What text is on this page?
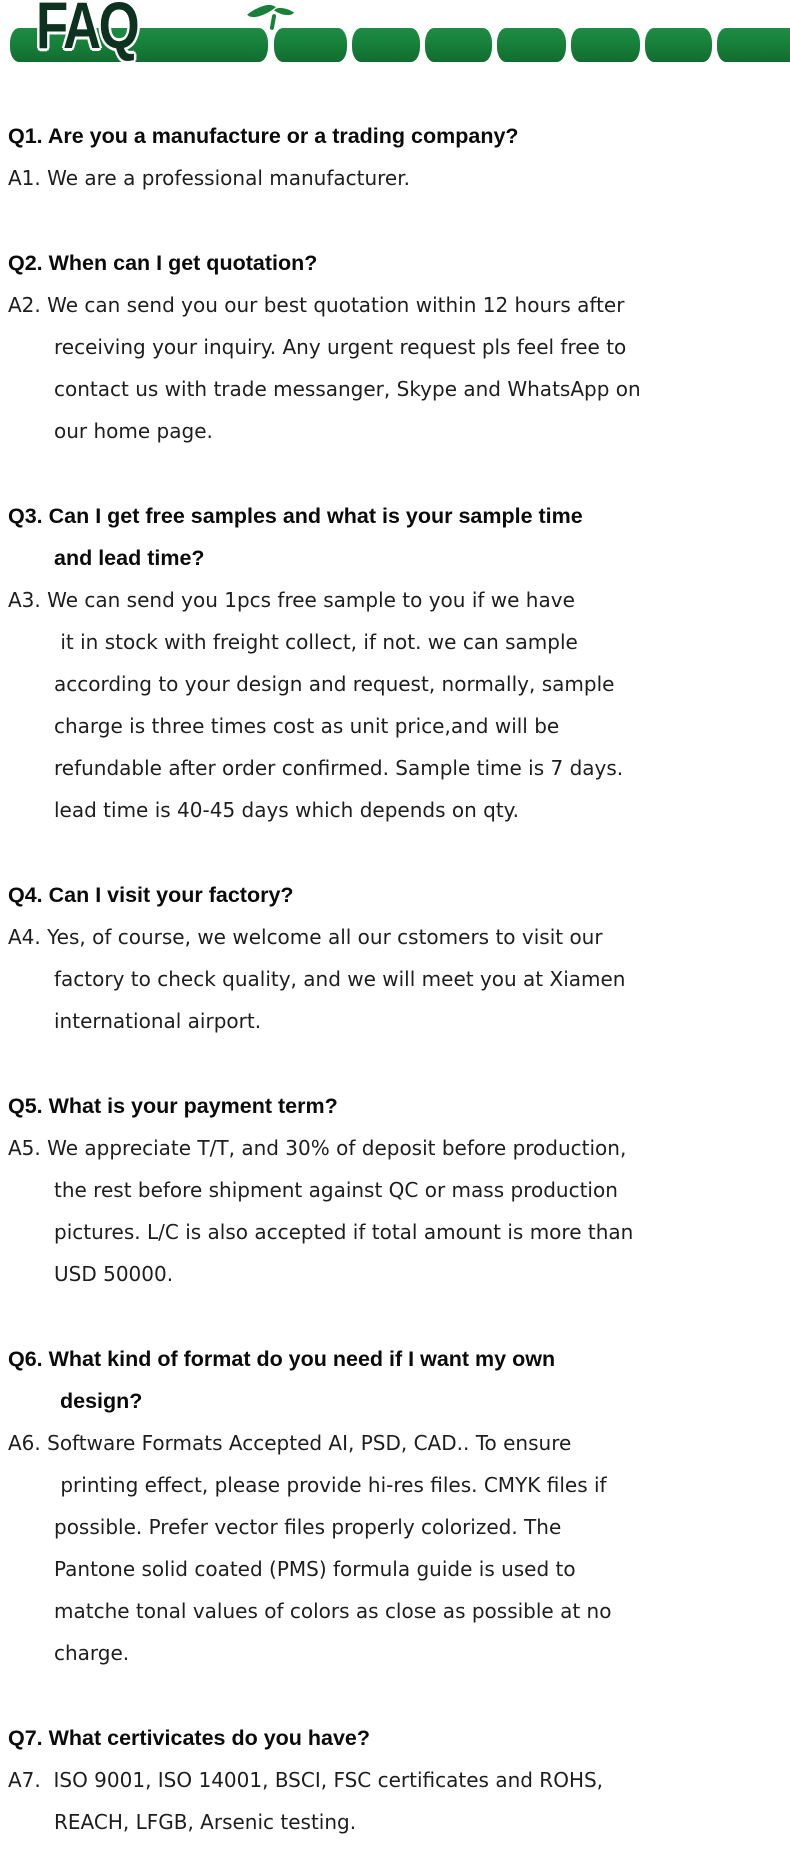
FAQ
Q1. Are you a manufacture or a trading company?
A1. We are a professional manufacturer.
Q2. When can I get quotation?
A2. We can send you our best quotation within 12 hours after
receiving your inquiry. Any urgent request pls feel free to
contact us with trade messanger, Skype and WhatsApp on
our home page.
Q3. Can I get free samples and what is your sample time
and lead time?
A3. We can send you 1pcs free sample to you if we have
it in stock with freight collect, if not. we can sample
according to your design and request, normally, sample
charge is three times cost as unit price,and will be
refundable after order confirmed. Sample time is 7 days.
lead time is 40-45 days which depends on qty.
Q4. Can I visit your factory?
A4. Yes, of course, we welcome all our cstomers to visit our
factory to check quality, and we will meet you at Xiamen
international airport.
Q5. What is your payment term?
A5. We appreciate T/T, and 30% of deposit before production,
the rest before shipment against QC or mass production
pictures. L/C is also accepted if total amount is more than
USD 50000.
Q6. What kind of format do you need if I want my own
design?
A6. Software Formats Accepted AI, PSD, CAD.. To ensure
printing effect, please provide hi-res files. CMYK files if
possible. Prefer vector files properly colorized. The
Pantone solid coated (PMS) formula guide is used to
matche tonal values of colors as close as possible at no
charge.
Q7. What certivicates do you have?
A7.  ISO 9001, ISO 14001, BSCI, FSC certificates and ROHS,
REACH, LFGB, Arsenic testing.
